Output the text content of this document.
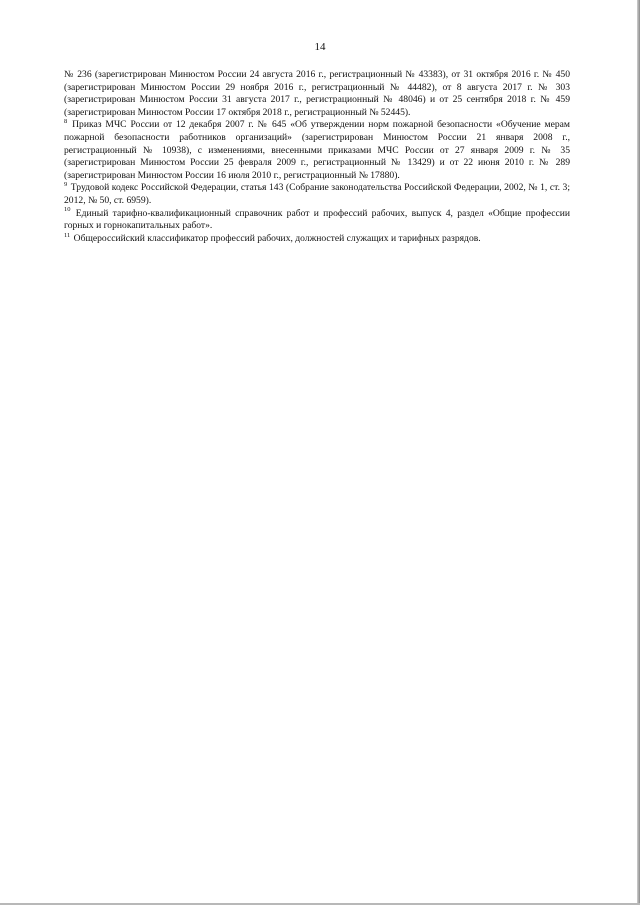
14

№ 236 (зарегистрирован Минюстом России 24 августа 2016 г., регистрационный № 43383), от 31 октября 2016 г. № 450 (зарегистрирован Минюстом России 29 ноября 2016 г., регистрационный № 44482), от 8 августа 2017 г. № 303 (зарегистрирован Минюстом России 31 августа 2017 г., регистрационный № 48046) и от 25 сентября 2018 г. № 459 (зарегистрирован Минюстом России 17 октября 2018 г., регистрационный № 52445).

$^8$ Приказ МЧС России от 12 декабря 2007 г. № 645 «Об утверждении норм пожарной безопасности «Обучение мерам пожарной безопасности работников организаций» (зарегистрирован Минюстом России 21 января 2008 г., регистрационный № 10938), с изменениями, внесенными приказами МЧС России от 27 января 2009 г. № 35 (зарегистрирован Минюстом России 25 февраля 2009 г., регистрационный № 13429) и от 22 июня 2010 г. № 289 (зарегистрирован Минюстом России 16 июля 2010 г., регистрационный № 17880).

$^9$ Трудовой кодекс Российской Федерации, статья 143 (Собрание законодательства Российской Федерации, 2002, № 1, ст. 3; 2012, № 50, ст. 6959).

$^{10}$ Единый тарифно-квалификационный справочник работ и профессий рабочих, выпуск 4, раздел «Общие профессии горных и горнокапитальных работ».

$^{11}$ Общероссийский классификатор профессий рабочих, должностей служащих и тарифных разрядов.
